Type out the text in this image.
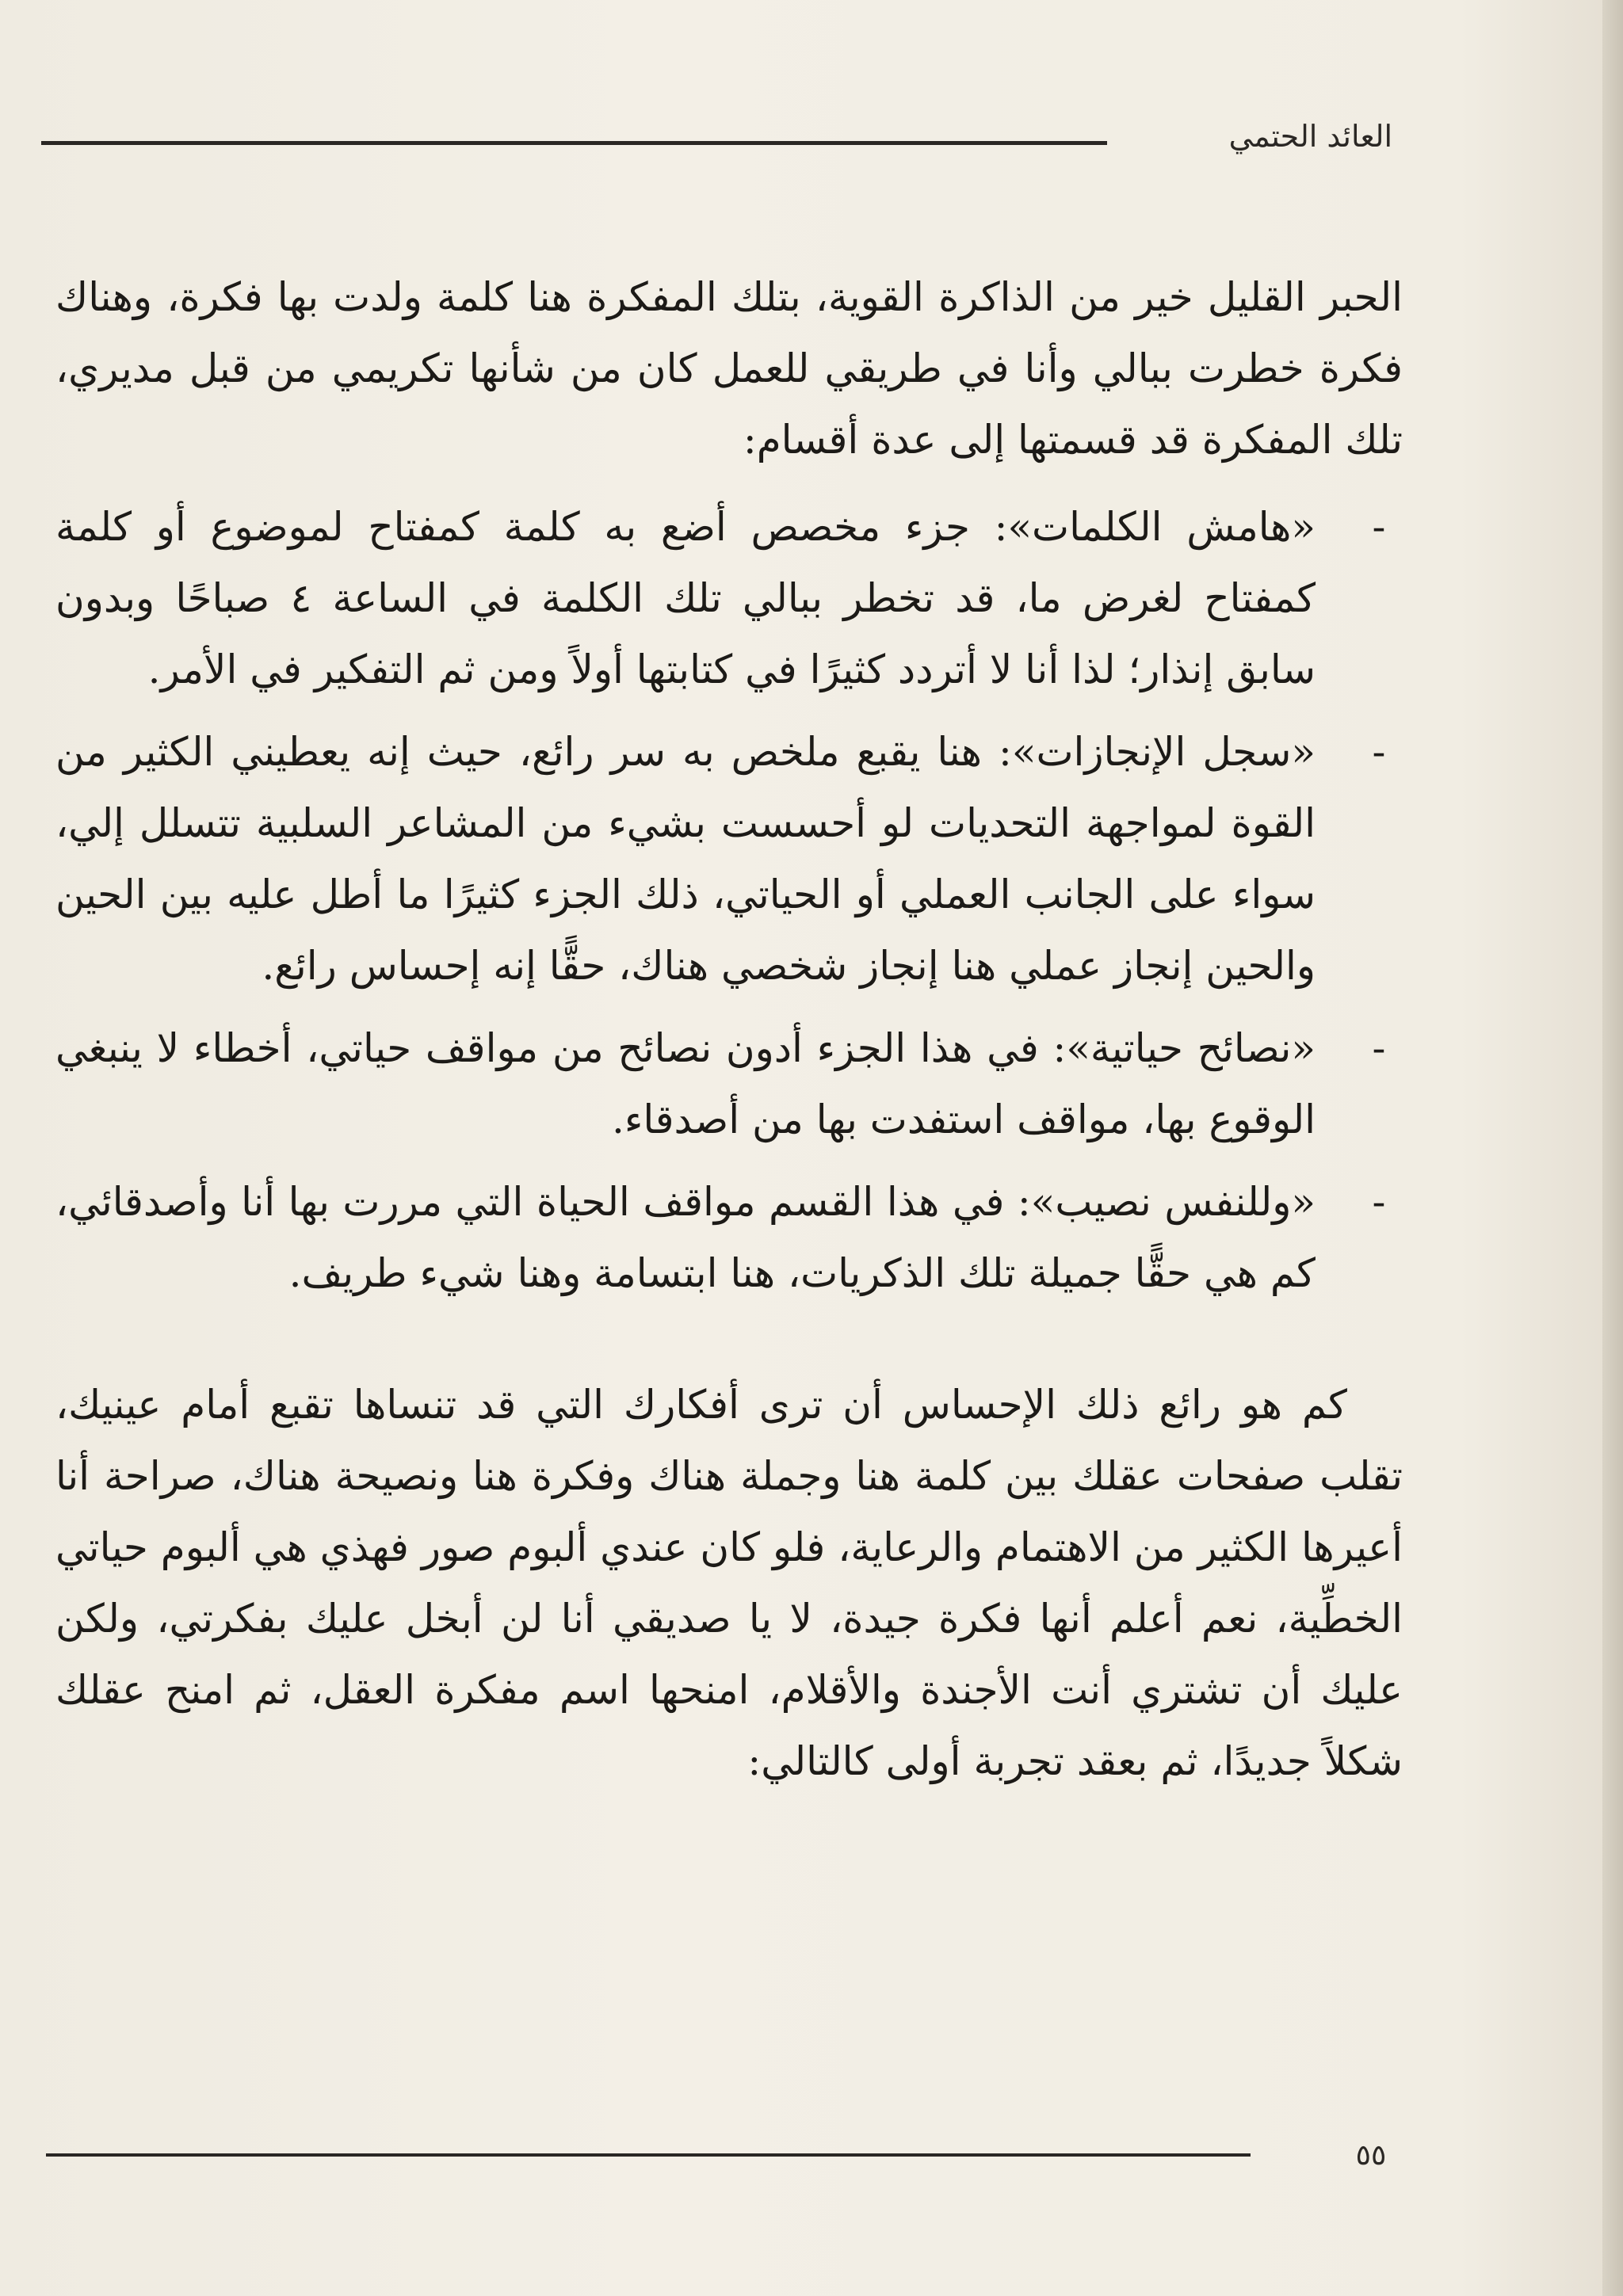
العائد الحتمي

الحبر القليل خير من الذاكرة القوية، بتلك المفكرة هنا كلمة ولدت بها فكرة، وهناك فكرة خطرت ببالي وأنا في طريقي للعمل كان من شأنها تكريمي من قبل مديري، تلك المفكرة قد قسمتها إلى عدة أقسام:

-
«هامش الكلمات»: جزء مخصص أضع به كلمة كمفتاح لموضوع أو كلمة كمفتاح لغرض ما، قد تخطر ببالي تلك الكلمة في الساعة ٤ صباحًا وبدون سابق إنذار؛ لذا أنا لا أتردد كثيرًا في كتابتها أولاً ومن ثم التفكير في الأمر.
-
«سجل الإنجازات»: هنا يقبع ملخص به سر رائع، حيث إنه يعطيني الكثير من القوة لمواجهة التحديات لو أحسست بشيء من المشاعر السلبية تتسلل إلي، سواء على الجانب العملي أو الحياتي، ذلك الجزء كثيرًا ما أطل عليه بين الحين والحين إنجاز عملي هنا إنجاز شخصي هناك، حقًّا إنه إحساس رائع.
-
«نصائح حياتية»: في هذا الجزء أدون نصائح من مواقف حياتي، أخطاء لا ينبغي الوقوع بها، مواقف استفدت بها من أصدقاء.
-
«وللنفس نصيب»: في هذا القسم مواقف الحياة التي مررت بها أنا وأصدقائي، كم هي حقًّا جميلة تلك الذكريات، هنا ابتسامة وهنا شيء طريف.

كم هو رائع ذلك الإحساس أن ترى أفكارك التي قد تنساها تقبع أمام عينيك، تقلب صفحات عقلك بين كلمة هنا وجملة هناك وفكرة هنا ونصيحة هناك، صراحة أنا أعيرها الكثير من الاهتمام والرعاية، فلو كان عندي ألبوم صور فهذي هي ألبوم حياتي الخطِّية، نعم أعلم أنها فكرة جيدة، لا يا صديقي أنا لن أبخل عليك بفكرتي، ولكن عليك أن تشتري أنت الأجندة والأقلام، امنحها اسم مفكرة العقل، ثم امنح عقلك شكلاً جديدًا، ثم بعقد تجربة أولى كالتالي:

٥٥
